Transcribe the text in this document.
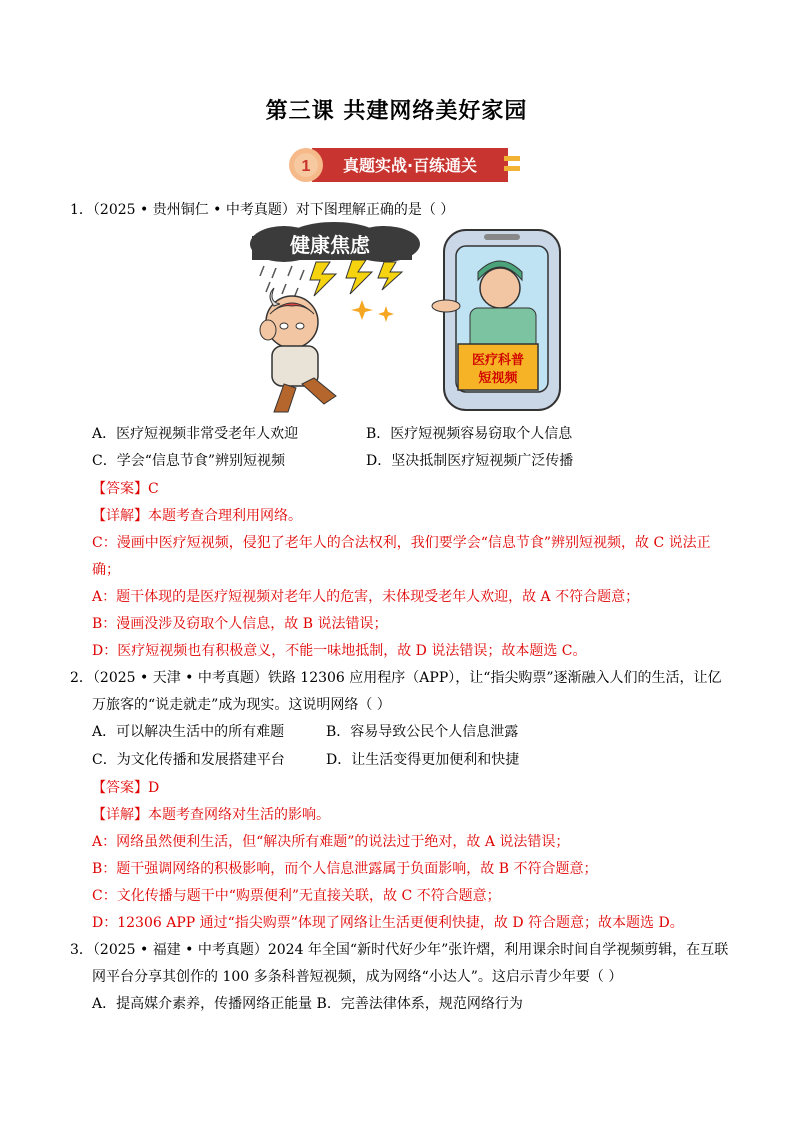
第三课 共建网络美好家园
1 真题实战·百练通关
1．（2025 • 贵州铜仁 • 中考真题）对下图理解正确的是（ ）
健康焦虑
医疗科普
短视频
A．医疗短视频非常受老年人欢迎	B．医疗短视频容易窃取个人信息
C．学会“信息节食”辨别短视频	D．坚决抵制医疗短视频广泛传播
【答案】C
【详解】本题考查合理利用网络。
C：漫画中医疗短视频，侵犯了老年人的合法权利，我们要学会“信息节食”辨别短视频，故 C 说法正
确；
A：题干体现的是医疗短视频对老年人的危害，未体现受老年人欢迎，故 A 不符合题意；
B：漫画没涉及窃取个人信息，故 B 说法错误；
D：医疗短视频也有积极意义，不能一味地抵制，故 D 说法错误；故本题选 C。
2．（2025 • 天津 • 中考真题）铁路 12306 应用程序（APP），让“指尖购票”逐渐融入人们的生活，让亿
万旅客的“说走就走”成为现实。这说明网络（ ）
A．可以解决生活中的所有难题	B．容易导致公民个人信息泄露
C．为文化传播和发展搭建平台	D．让生活变得更加便利和快捷
【答案】D
【详解】本题考查网络对生活的影响。
A：网络虽然便利生活，但“解决所有难题”的说法过于绝对，故 A 说法错误；
B：题干强调网络的积极影响，而个人信息泄露属于负面影响，故 B 不符合题意；
C：文化传播与题干中“购票便利”无直接关联，故 C 不符合题意；
D：12306 APP 通过“指尖购票”体现了网络让生活更便利快捷，故 D 符合题意；故本题选 D。
3．（2025 • 福建 • 中考真题）2024 年全国“新时代好少年”张许熠，利用课余时间自学视频剪辑，在互联
网平台分享其创作的 100 多条科普短视频，成为网络“小达人”。这启示青少年要（ ）
A．提高媒介素养，传播网络正能量 B．完善法律体系，规范网络行为
